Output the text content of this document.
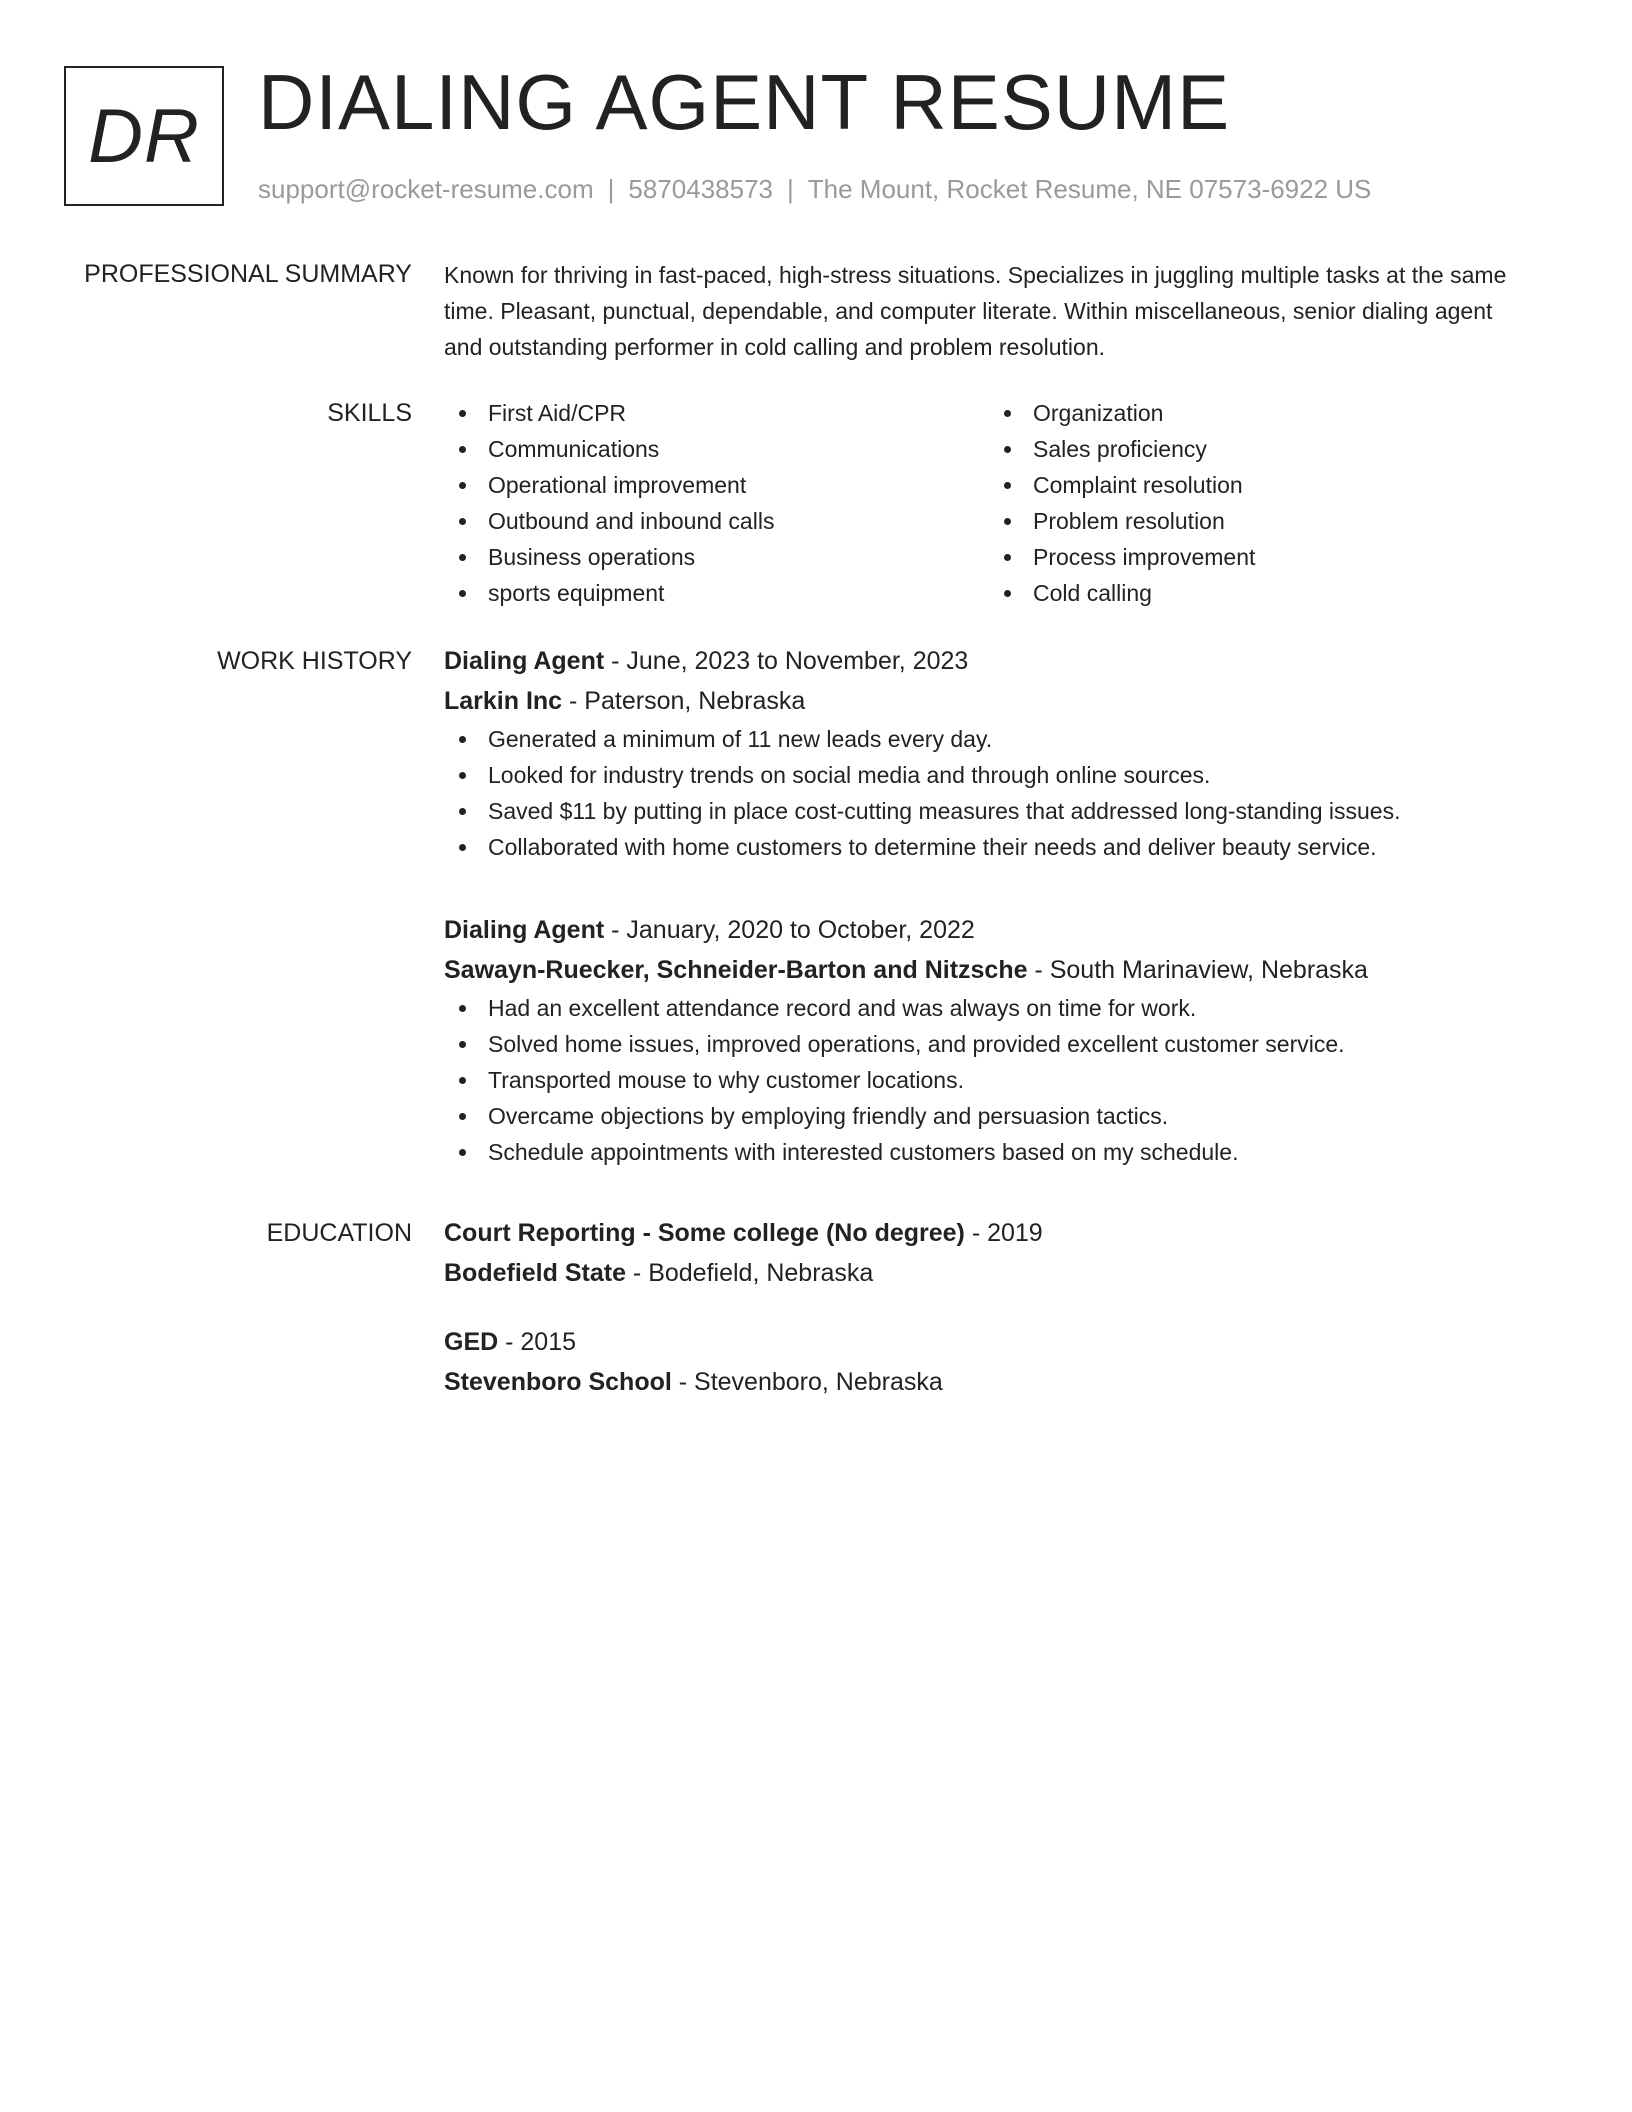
DR DIALING AGENT RESUME
support@rocket-resume.com | 5870438573 | The Mount, Rocket Resume, NE 07573-6922 US
PROFESSIONAL SUMMARY Known for thriving in fast-paced, high-stress situations. Specializes in juggling multiple tasks at the same time. Pleasant, punctual, dependable, and computer literate. Within miscellaneous, senior dialing agent and outstanding performer in cold calling and problem resolution.

SKILLS	First Aid/CPR
Communications
Operational improvement
Outbound and inbound calls
Business operations
sports equipment
Organization
Sales proficiency
Complaint resolution
Problem resolution
Process improvement
Cold calling
WORK HISTORY Dialing Agent - June, 2023 to November, 2023
Larkin Inc - Paterson, Nebraska
Generated a minimum of 11 new leads every day.
Looked for industry trends on social media and through online sources.
Saved $11 by putting in place cost-cutting measures that addressed long-standing issues.
Collaborated with home customers to determine their needs and deliver beauty service.
Dialing Agent - January, 2020 to October, 2022
Sawayn-Ruecker, Schneider-Barton and Nitzsche - South Marinaview, Nebraska
Had an excellent attendance record and was always on time for work.
Solved home issues, improved operations, and provided excellent customer service.
Transported mouse to why customer locations.
Overcame objections by employing friendly and persuasion tactics.
Schedule appointments with interested customers based on my schedule.
EDUCATION Court Reporting - Some college (No degree) - 2019
Bodefield State - Bodefield, Nebraska
GED - 2015
Stevenboro School - Stevenboro, Nebraska
